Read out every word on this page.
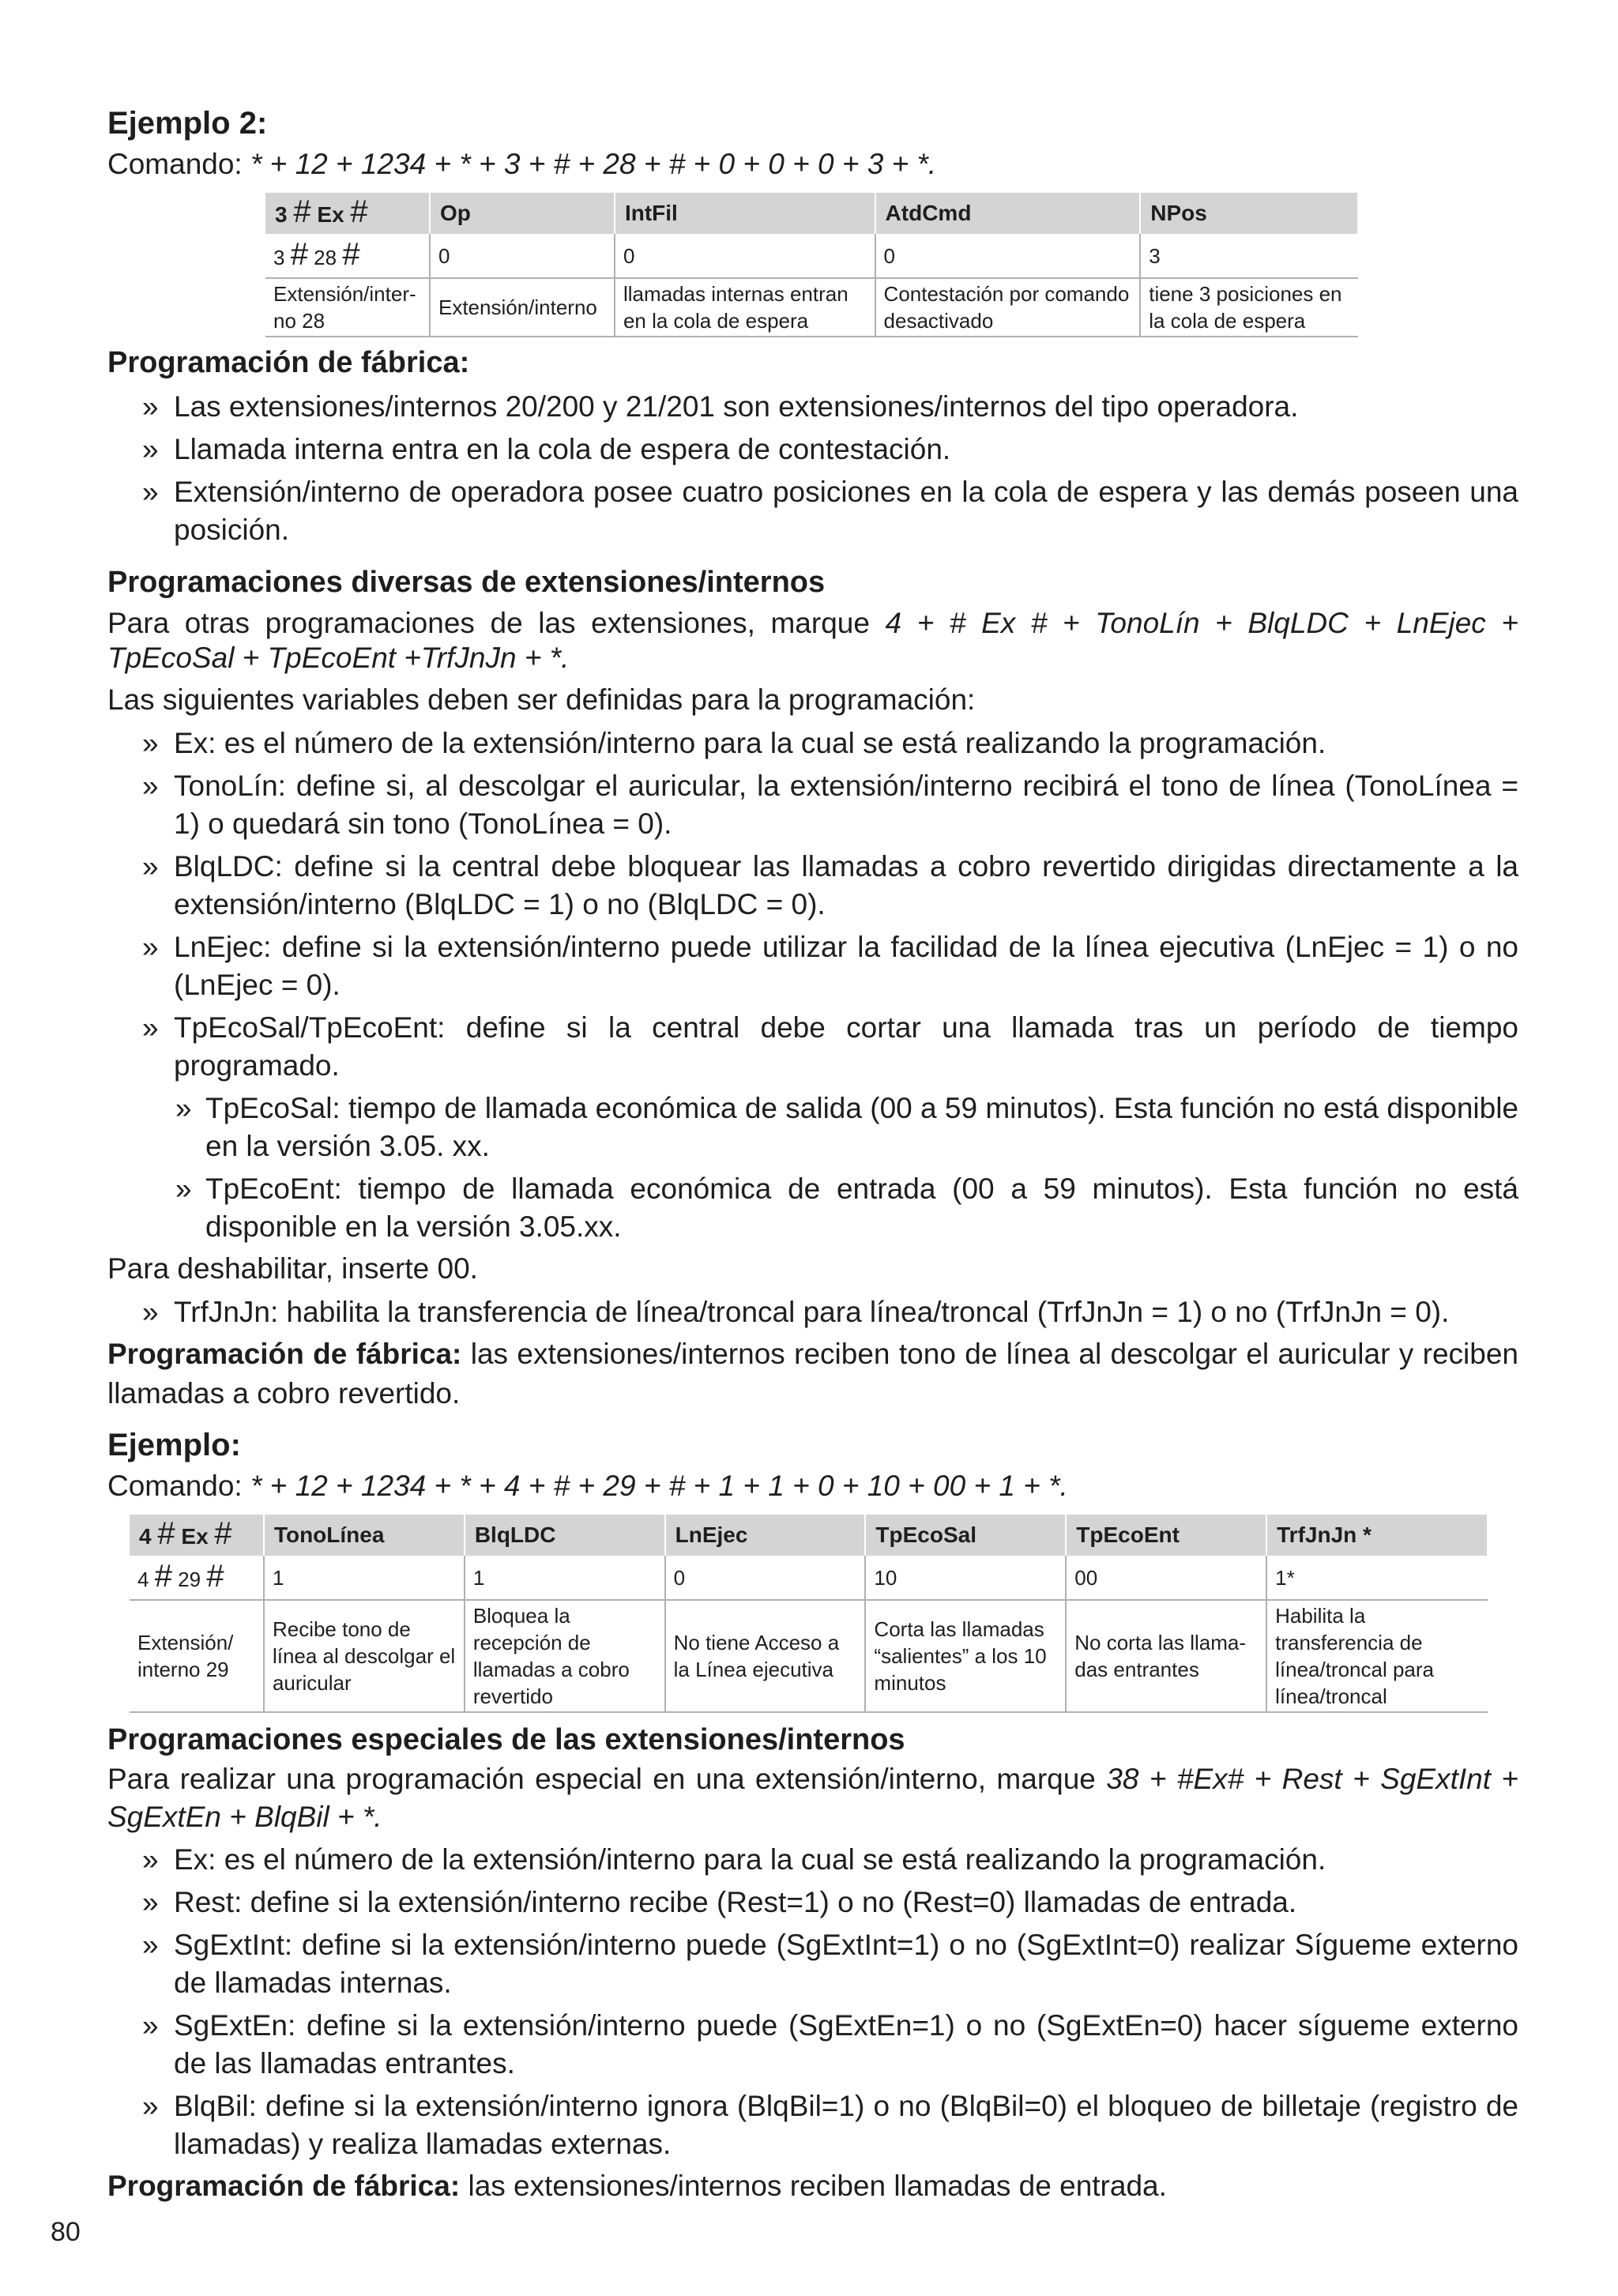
Ejemplo 2:
Comando: * + 12 + 1234 + * + 3 + # + 28 + # + 0 + 0 + 0 + 3 + *.
3 # Ex #	Op	IntFil	AtdCmd	NPos
3 # 28 #	0	0	0	3
Extensión/inter-no 28	Extensión/interno	llamadas internas entran en la cola de espera	Contestación por comando desactivado	tiene 3 posiciones en la cola de espera
Programación de fábrica:
» Las extensiones/internos 20/200 y 21/201 son extensiones/internos del tipo operadora.
» Llamada interna entra en la cola de espera de contestación.
» Extensión/interno de operadora posee cuatro posiciones en la cola de espera y las demás poseen una posición.
Programaciones diversas de extensiones/internos
Para otras programaciones de las extensiones, marque 4 + # Ex # + TonoLín + BlqLDC + LnEjec + TpEcoSal + TpEcoEnt +TrfJnJn + *.
Las siguientes variables deben ser definidas para la programación:
» Ex: es el número de la extensión/interno para la cual se está realizando la programación.
» TonoLín: define si, al descolgar el auricular, la extensión/interno recibirá el tono de línea (TonoLínea = 1) o quedará sin tono (TonoLínea = 0).
» BlqLDC: define si la central debe bloquear las llamadas a cobro revertido dirigidas directamente a la extensión/interno (BlqLDC = 1) o no (BlqLDC = 0).
» LnEjec: define si la extensión/interno puede utilizar la facilidad de la línea ejecutiva (LnEjec = 1) o no (LnEjec = 0).
» TpEcoSal/TpEcoEnt: define si la central debe cortar una llamada tras un período de tiempo programado.
» TpEcoSal: tiempo de llamada económica de salida (00 a 59 minutos). Esta función no está disponible en la versión 3.05. xx.
» TpEcoEnt: tiempo de llamada económica de entrada (00 a 59 minutos). Esta función no está disponible en la versión 3.05.xx.
Para deshabilitar, inserte 00.
» TrfJnJn: habilita la transferencia de línea/troncal para línea/troncal (TrfJnJn = 1) o no (TrfJnJn = 0).
Programación de fábrica: las extensiones/internos reciben tono de línea al descolgar el auricular y reciben llamadas a cobro revertido.
Ejemplo:
Comando: * + 12 + 1234 + * + 4 + # + 29 + # + 1 + 1 + 0 + 10 + 00 + 1 + *.
4 # Ex #	TonoLínea	BlqLDC	LnEjec	TpEcoSal	TpEcoEnt	TrfJnJn *
4 # 29 #	1	1	0	10	00	1*
Extensión/ interno 29	Recibe tono de línea al descolgar el auricular	Bloquea la recepción de llamadas a cobro revertido	No tiene Acceso a la Línea ejecutiva	Corta las llamadas “salientes” a los 10 minutos	No corta las llama-das entrantes	Habilita la transferencia de línea/troncal para línea/troncal
Programaciones especiales de las extensiones/internos
Para realizar una programación especial en una extensión/interno, marque 38 + #Ex# + Rest + SgExtInt + SgExtEn + BlqBil + *.
» Ex: es el número de la extensión/interno para la cual se está realizando la programación.
» Rest: define si la extensión/interno recibe (Rest=1) o no (Rest=0) llamadas de entrada.
» SgExtInt: define si la extensión/interno puede (SgExtInt=1) o no (SgExtInt=0) realizar Sígueme externo de llamadas internas.
» SgExtEn: define si la extensión/interno puede (SgExtEn=1) o no (SgExtEn=0) hacer sígueme externo de las llamadas entrantes.
» BlqBil: define si la extensión/interno ignora (BlqBil=1) o no (BlqBil=0) el bloqueo de billetaje (registro de llamadas) y realiza llamadas externas.
Programación de fábrica: las extensiones/internos reciben llamadas de entrada.
80
